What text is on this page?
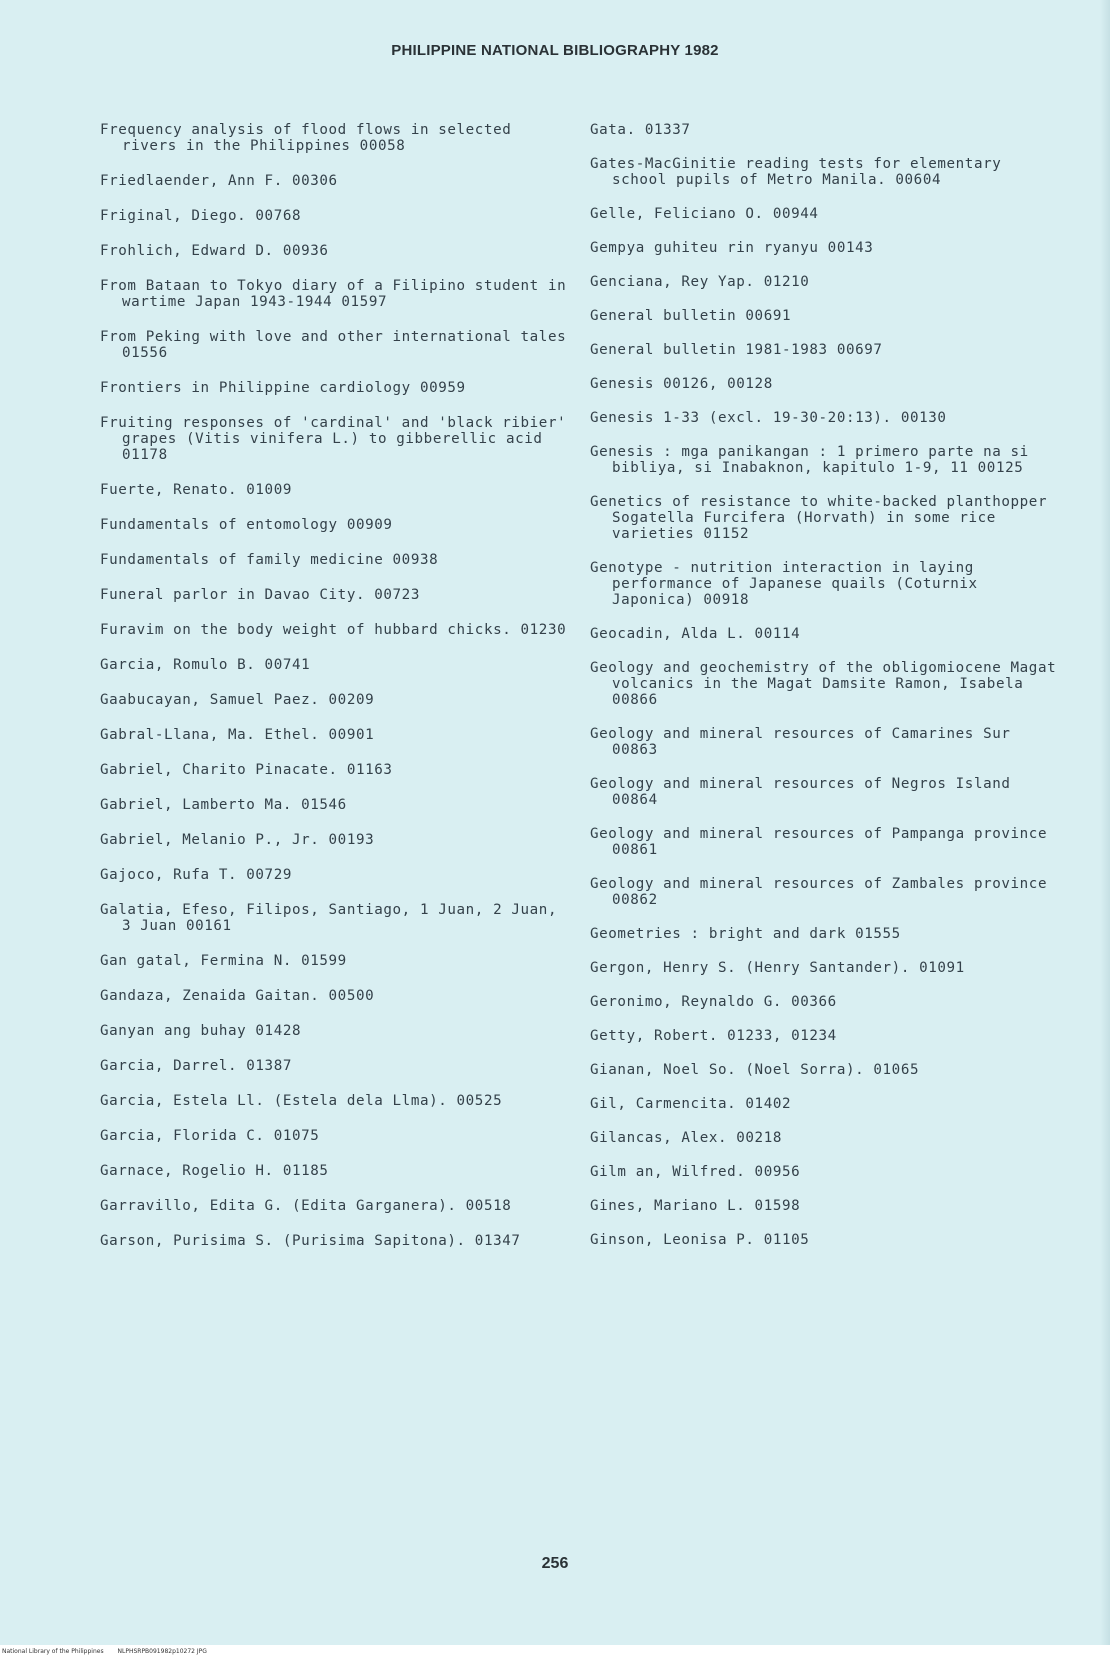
PHILIPPINE NATIONAL BIBLIOGRAPHY 1982
Frequency analysis of flood flows in selected rivers in the Philippines 00058
Friedlaender, Ann F. 00306
Friginal, Diego. 00768
Frohlich, Edward D. 00936
From Bataan to Tokyo diary of a Filipino student in wartime Japan 1943-1944 01597
From Peking with love and other international tales 01556
Frontiers in Philippine cardiology 00959
Fruiting responses of 'cardinal' and 'black ribier' grapes (Vitis vinifera L.) to gibberellic acid 01178
Fuerte, Renato. 01009
Fundamentals of entomology 00909
Fundamentals of family medicine 00938
Funeral parlor in Davao City. 00723
Furavim on the body weight of hubbard chicks. 01230
Garcia, Romulo B. 00741
Gaabucayan, Samuel Paez. 00209
Gabral-Llana, Ma. Ethel. 00901
Gabriel, Charito Pinacate. 01163
Gabriel, Lamberto Ma. 01546
Gabriel, Melanio P., Jr. 00193
Gajoco, Rufa T. 00729
Galatia, Efeso, Filipos, Santiago, 1 Juan, 2 Juan, 3 Juan 00161
Gan gatal, Fermina N. 01599
Gandaza, Zenaida Gaitan. 00500
Ganyan ang buhay 01428
Garcia, Darrel. 01387
Garcia, Estela Ll. (Estela dela Llma). 00525
Garcia, Florida C. 01075
Garnace, Rogelio H. 01185
Garravillo, Edita G. (Edita Garganera). 00518
Garson, Purisima S. (Purisima Sapitona). 01347
Gata. 01337
Gates-MacGinitie reading tests for elementary school pupils of Metro Manila. 00604
Gelle, Feliciano O. 00944
Gempya guhiteu rin ryanyu 00143
Genciana, Rey Yap. 01210
General bulletin 00691
General bulletin 1981-1983 00697
Genesis 00126, 00128
Genesis 1-33 (excl. 19-30-20:13). 00130
Genesis : mga panikangan : 1 primero parte na si bibliya, si Inabaknon, kapitulo 1-9, 11 00125
Genetics of resistance to white-backed planthopper Sogatella Furcifera (Horvath) in some rice varieties 01152
Genotype - nutrition interaction in laying performance of Japanese quails (Coturnix Japonica) 00918
Geocadin, Alda L. 00114
Geology and geochemistry of the obligomiocene Magat volcanics in the Magat Damsite Ramon, Isabela 00866
Geology and mineral resources of Camarines Sur 00863
Geology and mineral resources of Negros Island 00864
Geology and mineral resources of Pampanga province 00861
Geology and mineral resources of Zambales province 00862
Geometries : bright and dark 01555
Gergon, Henry S. (Henry Santander). 01091
Geronimo, Reynaldo G. 00366
Getty, Robert. 01233, 01234
Gianan, Noel So. (Noel Sorra). 01065
Gil, Carmencita. 01402
Gilancas, Alex. 00218
Gilm an, Wilfred. 00956
Gines, Mariano L. 01598
Ginson, Leonisa P. 01105
256
National Library of the Philippines NLPHSRPB091982p10272 JPG
